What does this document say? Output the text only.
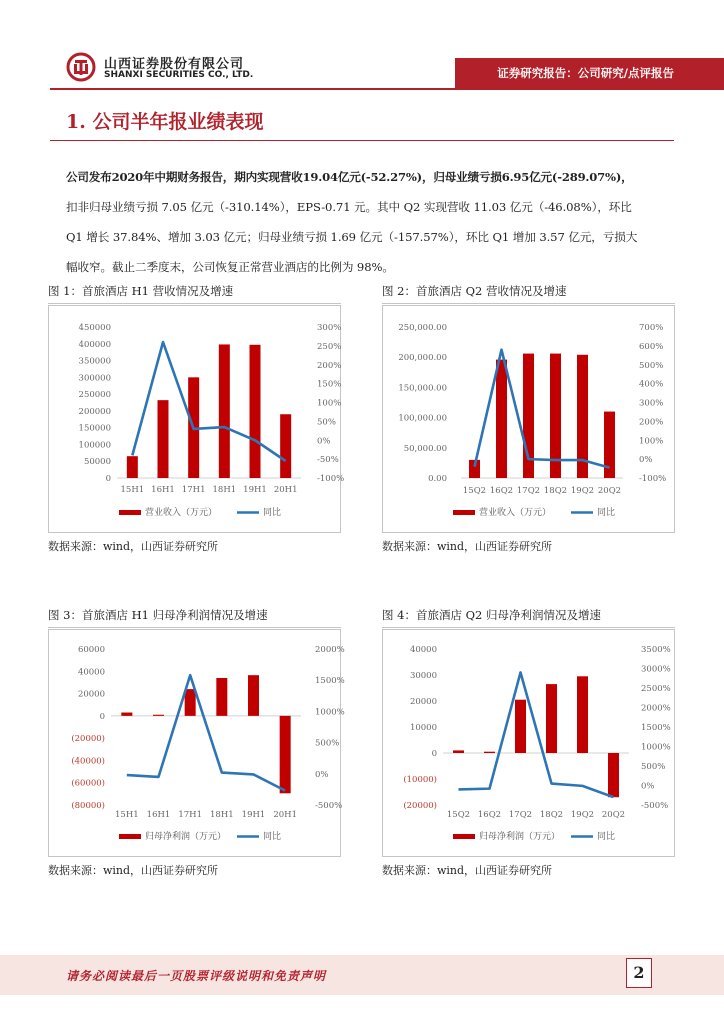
山西证券股份有限公司
SHANXI SECURITIES CO., LTD.	证券研究报告：公司研究/点评报告
1. 公司半年报业绩表现
公司发布2020年中期财务报告，期内实现营收19.04亿元(-52.27%)，归母业绩亏损6.95亿元(-289.07%)，
扣非归母业绩亏损 7.05 亿元（-310.14%），EPS-0.71 元。其中 Q2 实现营收 11.03 亿元（-46.08%），环比
Q1 增长 37.84%、增加 3.03 亿元；归母业绩亏损 1.69 亿元（-157.57%），环比 Q1 增加 3.57 亿元，亏损大
幅收窄。截止二季度末，公司恢复正常营业酒店的比例为 98%。
图 1：首旅酒店 H1 营收情况及增速
0
50000
100000
150000
200000
250000
300000
350000
400000
450000
-100%
-50%
0%
50%
100%
150%
200%
250%
300%
15H1 16H1 17H1 18H1 19H1 20H1
营业收入（万元）	同比
数据来源：wind，山西证券研究所
图 2：首旅酒店 Q2 营收情况及增速
0.00
50,000.00
100,000.00
150,000.00
200,000.00
250,000.00
-100%
0%
100%
200%
300%
400%
500%
600%
700%
15Q2 16Q2 17Q2 18Q2 19Q2 20Q2
营业收入（万元）	同比
数据来源：wind，山西证券研究所
图 3：首旅酒店 H1 归母净利润情况及增速
(80000)
(60000)
(40000)
(20000)
0
20000
40000
60000
-500%
0%
500%
1000%
1500%
2000%
15H1 16H1 17H1 18H1 19H1 20H1
归母净利润（万元）	同比
数据来源：wind，山西证券研究所
图 4：首旅酒店 Q2 归母净利润情况及增速
(20000)
(10000)
0
10000
20000
30000
40000
-500%
0%
500%
1000%
1500%
2000%
2500%
3000%
3500%
15Q2 16Q2 17Q2 18Q2 19Q2 20Q2
归母净利润（万元）	同比
数据来源：wind，山西证券研究所
请务必阅读最后一页股票评级说明和免责声明	2
